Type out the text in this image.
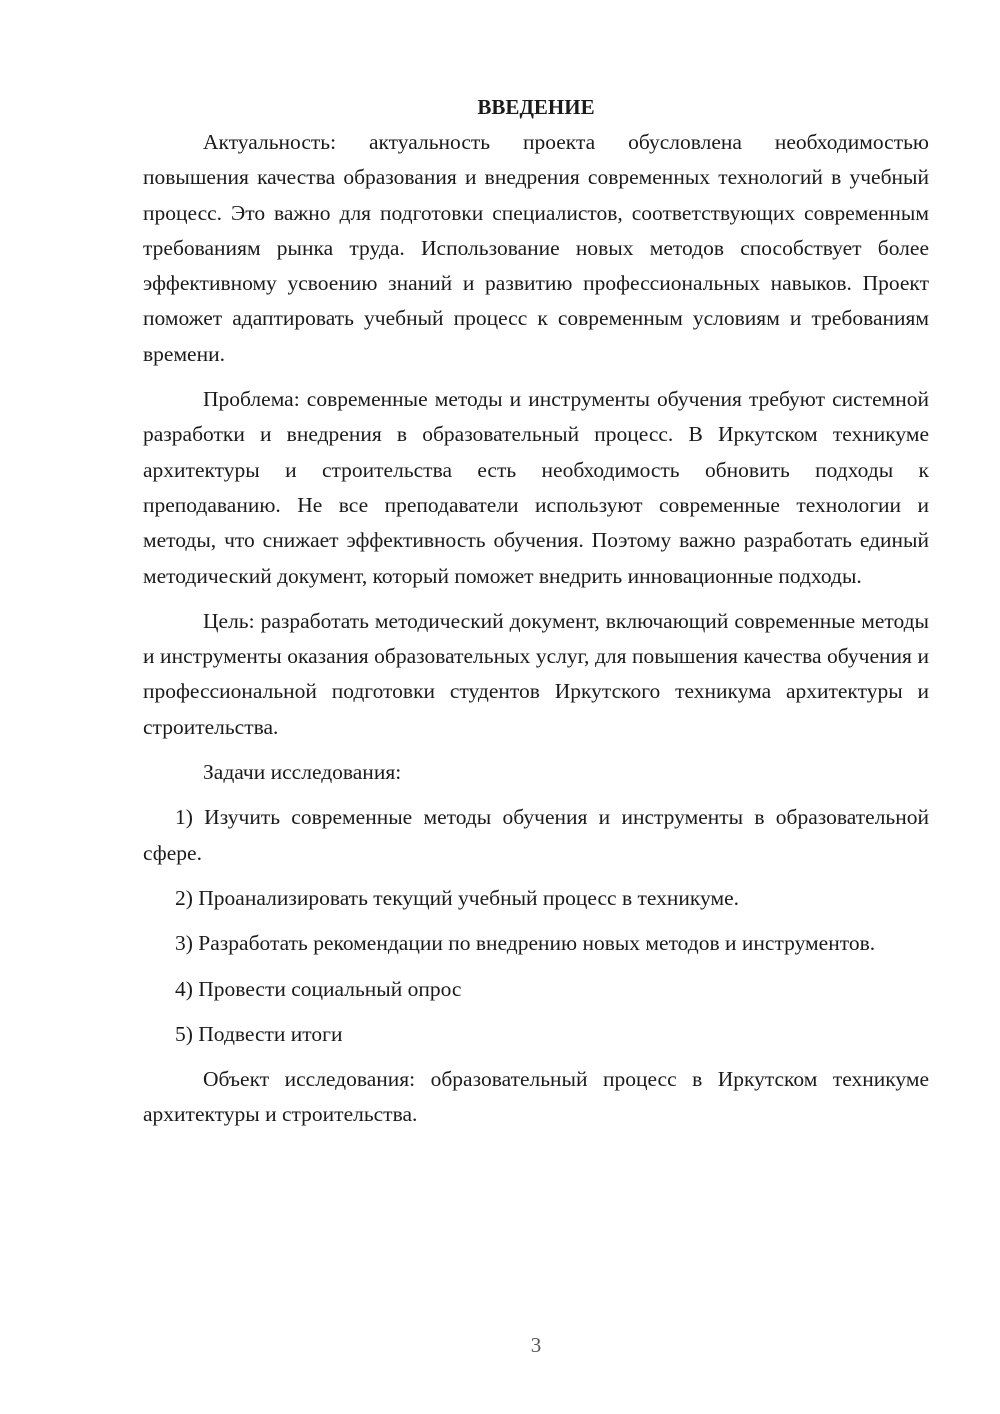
ВВЕДЕНИЕ

Актуальность: актуальность проекта обусловлена необходимостью повышения качества образования и внедрения современных технологий в учебный процесс. Это важно для подготовки специалистов, соответствующих современным требованиям рынка труда. Использование новых методов способствует более эффективному усвоению знаний и развитию профессиональных навыков. Проект поможет адаптировать учебный процесс к современным условиям и требованиям времени.

Проблема: современные методы и инструменты обучения требуют системной разработки и внедрения в образовательный процесс. В Иркутском техникуме архитектуры и строительства есть необходимость обновить подходы к преподаванию. Не все преподаватели используют современные технологии и методы, что снижает эффективность обучения. Поэтому важно разработать единый методический документ, который поможет внедрить инновационные подходы.

Цель: разработать методический документ, включающий современные методы и инструменты оказания образовательных услуг, для повышения качества обучения и профессиональной подготовки студентов Иркутского техникума архитектуры и строительства.

Задачи исследования:

1) Изучить современные методы обучения и инструменты в образовательной сфере.

2) Проанализировать текущий учебный процесс в техникуме.

3) Разработать рекомендации по внедрению новых методов и инструментов.

4) Провести социальный опрос

5) Подвести итоги

Объект исследования: образовательный процесс в Иркутском техникуме архитектуры и строительства.

3
